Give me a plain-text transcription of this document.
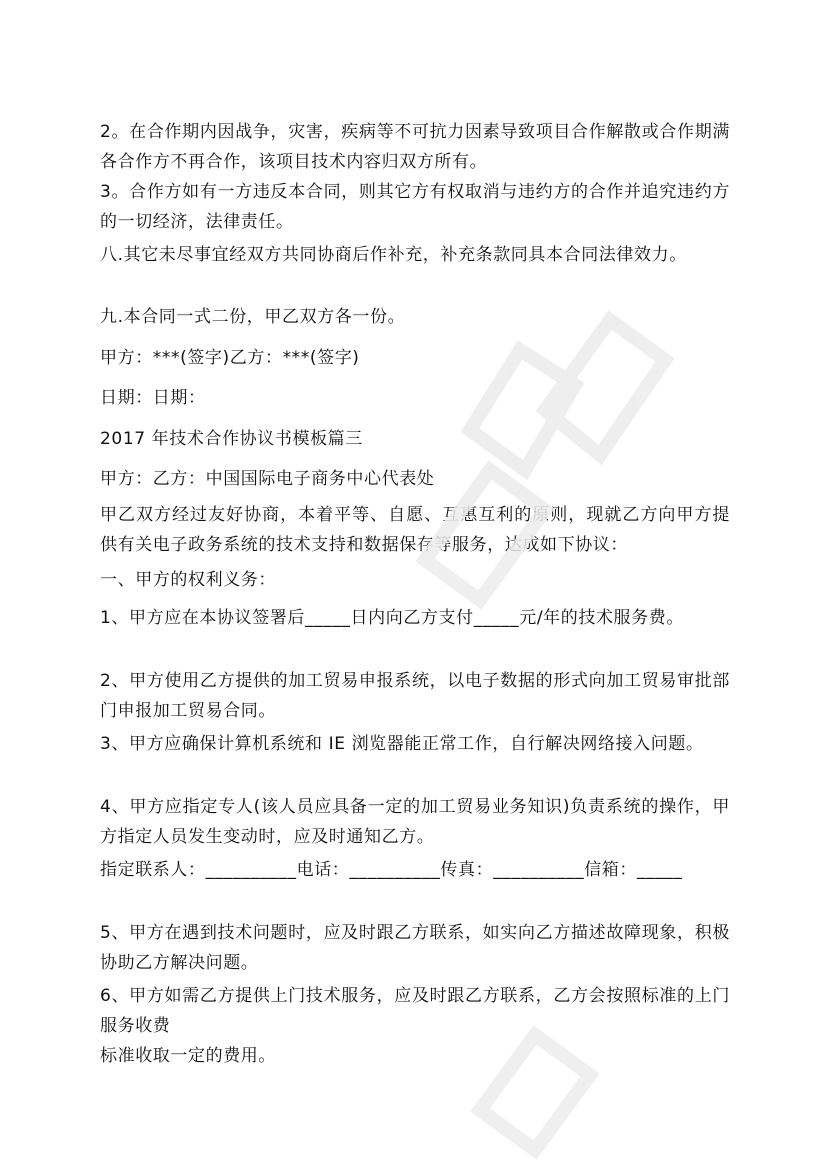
2。在合作期内因战争，灾害，疾病等不可抗力因素导致项目合作解散或合作期满各合作方不再合作，该项目技术内容归双方所有。

3。合作方如有一方违反本合同，则其它方有权取消与违约方的合作并追究违约方的一切经济，法律责任。

八.其它未尽事宜经双方共同协商后作补充，补充条款同具本合同法律效力。

九.本合同一式二份，甲乙双方各一份。

甲方：***(签字)乙方：***(签字)

日期：日期：

2017 年技术合作协议书模板篇三

甲方：乙方：中国国际电子商务中心代表处

甲乙双方经过友好协商，本着平等、自愿、互惠互利的原则，现就乙方向甲方提供有关电子政务系统的技术支持和数据保存等服务，达成如下协议：

一、甲方的权利义务：

1、甲方应在本协议签署后_____日内向乙方支付_____元/年的技术服务费。

2、甲方使用乙方提供的加工贸易申报系统，以电子数据的形式向加工贸易审批部门申报加工贸易合同。

3、甲方应确保计算机系统和 IE 浏览器能正常工作，自行解决网络接入问题。

4、甲方应指定专人(该人员应具备一定的加工贸易业务知识)负责系统的操作，甲方指定人员发生变动时，应及时通知乙方。

指定联系人：__________电话：__________传真：__________信箱：_____

5、甲方在遇到技术问题时，应及时跟乙方联系，如实向乙方描述故障现象，积极协助乙方解决问题。

6、甲方如需乙方提供上门技术服务，应及时跟乙方联系，乙方会按照标准的上门服务收费

标准收取一定的费用。
